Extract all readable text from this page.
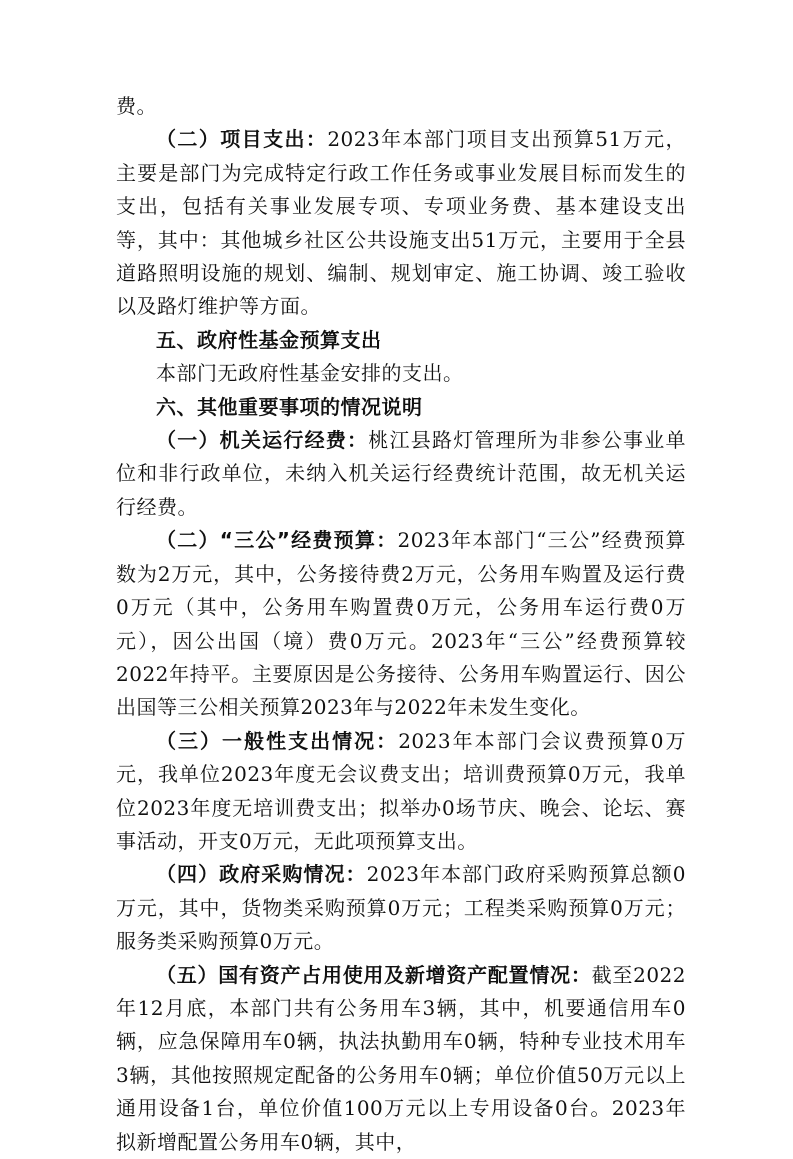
费。

（二）项目支出：2023年本部门项目支出预算51万元，主要是部门为完成特定行政工作任务或事业发展目标而发生的支出，包括有关事业发展专项、专项业务费、基本建设支出等，其中：其他城乡社区公共设施支出51万元，主要用于全县道路照明设施的规划、编制、规划审定、施工协调、竣工验收以及路灯维护等方面。

五、政府性基金预算支出

本部门无政府性基金安排的支出。

六、其他重要事项的情况说明

（一）机关运行经费：桃江县路灯管理所为非参公事业单位和非行政单位，未纳入机关运行经费统计范围，故无机关运行经费。

（二）“三公”经费预算：2023年本部门“三公”经费预算数为2万元，其中，公务接待费2万元，公务用车购置及运行费0万元（其中，公务用车购置费0万元，公务用车运行费0万元），因公出国（境）费0万元。2023年“三公”经费预算较2022年持平。主要原因是公务接待、公务用车购置运行、因公出国等三公相关预算2023年与2022年未发生变化。

（三）一般性支出情况：2023年本部门会议费预算0万元，我单位2023年度无会议费支出；培训费预算0万元，我单位2023年度无培训费支出；拟举办0场节庆、晚会、论坛、赛事活动，开支0万元，无此项预算支出。

（四）政府采购情况：2023年本部门政府采购预算总额0万元，其中，货物类采购预算0万元；工程类采购预算0万元；服务类采购预算0万元。

（五）国有资产占用使用及新增资产配置情况：截至2022年12月底，本部门共有公务用车3辆，其中，机要通信用车0辆，应急保障用车0辆，执法执勤用车0辆，特种专业技术用车3辆，其他按照规定配备的公务用车0辆；单位价值50万元以上通用设备1台，单位价值100万元以上专用设备0台。2023年拟新增配置公务用车0辆，其中，
